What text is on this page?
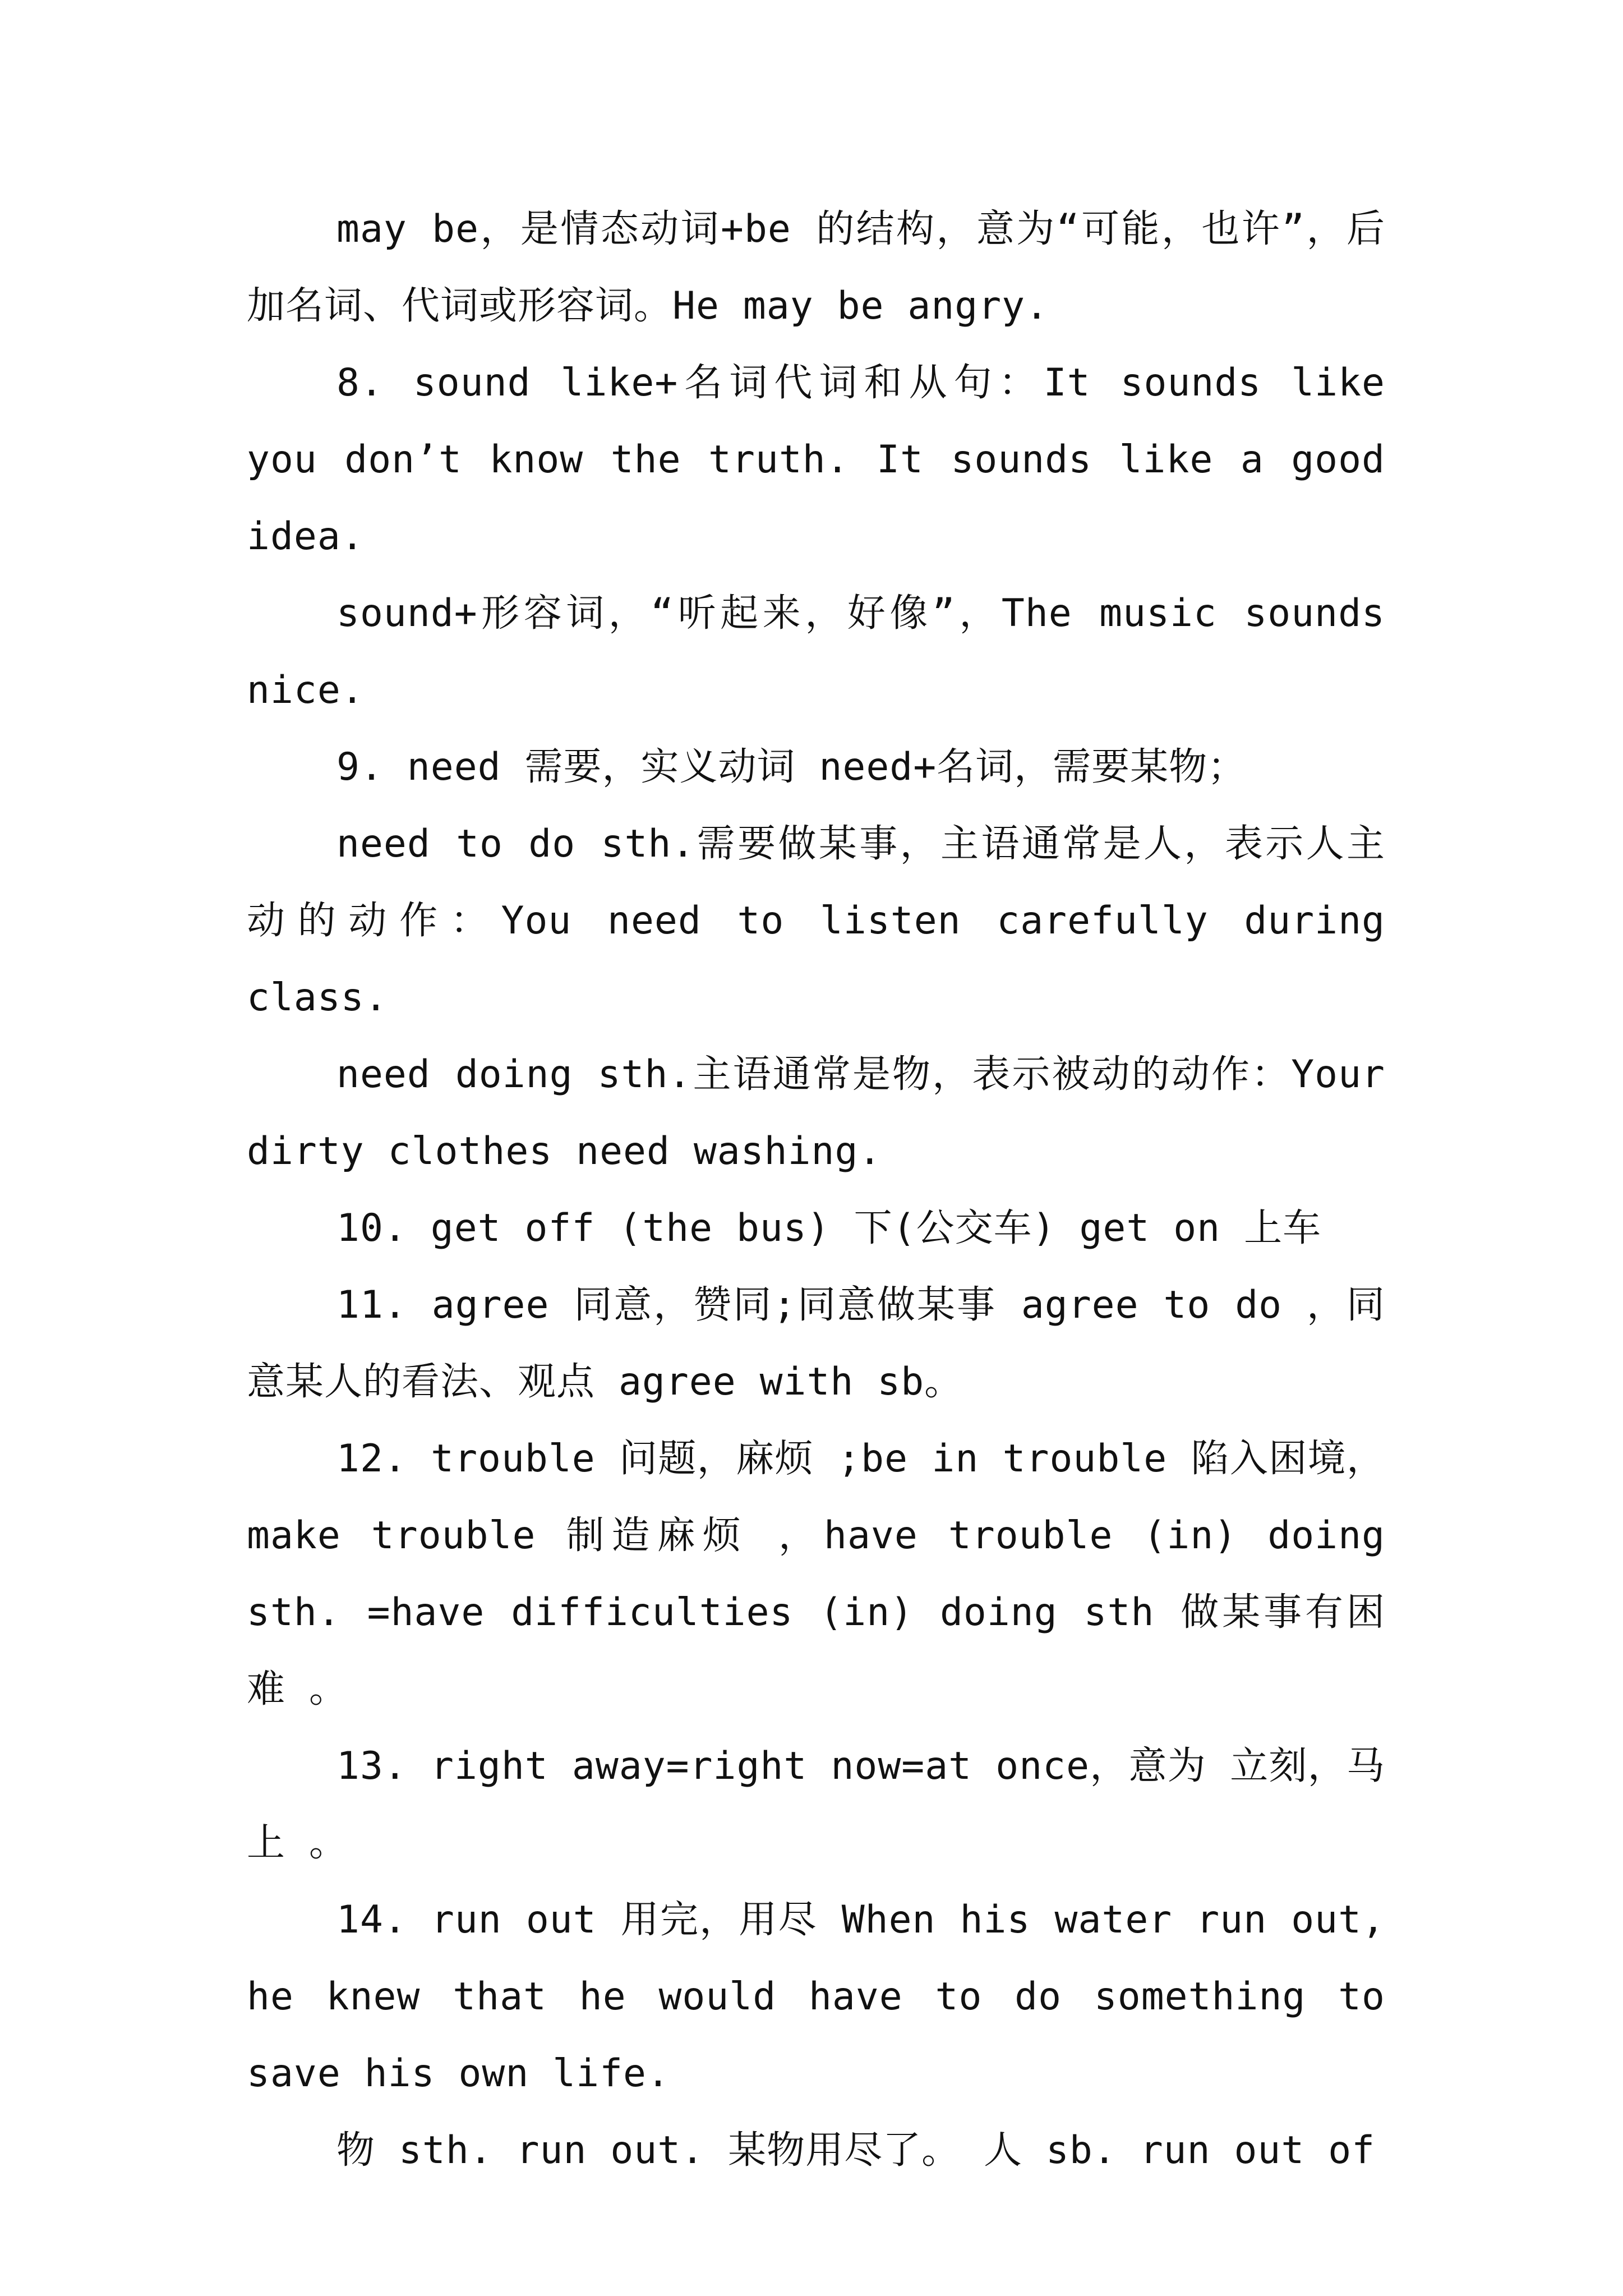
may be，是情态动词+be 的结构，意为“可能，也许”，后加名词、代词或形容词。He may be angry.

8. sound like+名词代词和从句：It sounds like you don’t know the truth. It sounds like a good idea.

sound+形容词，“听起来，好像”，The music sounds nice.

9. need 需要，实义动词 need+名词，需要某物；

need to do sth.需要做某事，主语通常是人，表示人主动的动作：You need to listen carefully during class.

need doing sth.主语通常是物，表示被动的动作：Your dirty clothes need washing.

10. get off (the bus) 下(公交车) get on 上车

11. agree 同意，赞同;同意做某事 agree to do ，同意某人的看法、观点 agree with sb。

12. trouble 问题，麻烦 ;be in trouble 陷入困境，make trouble 制造麻烦 ，have trouble (in) doing sth. =have difficulties (in) doing sth 做某事有困难 。

13. right away=right now=at once，意为 立刻，马上 。

14. run out 用完，用尽 When his water run out, he knew that he would have to do something to save his own life.

物 sth. run out. 某物用尽了。 人 sb. run out of
